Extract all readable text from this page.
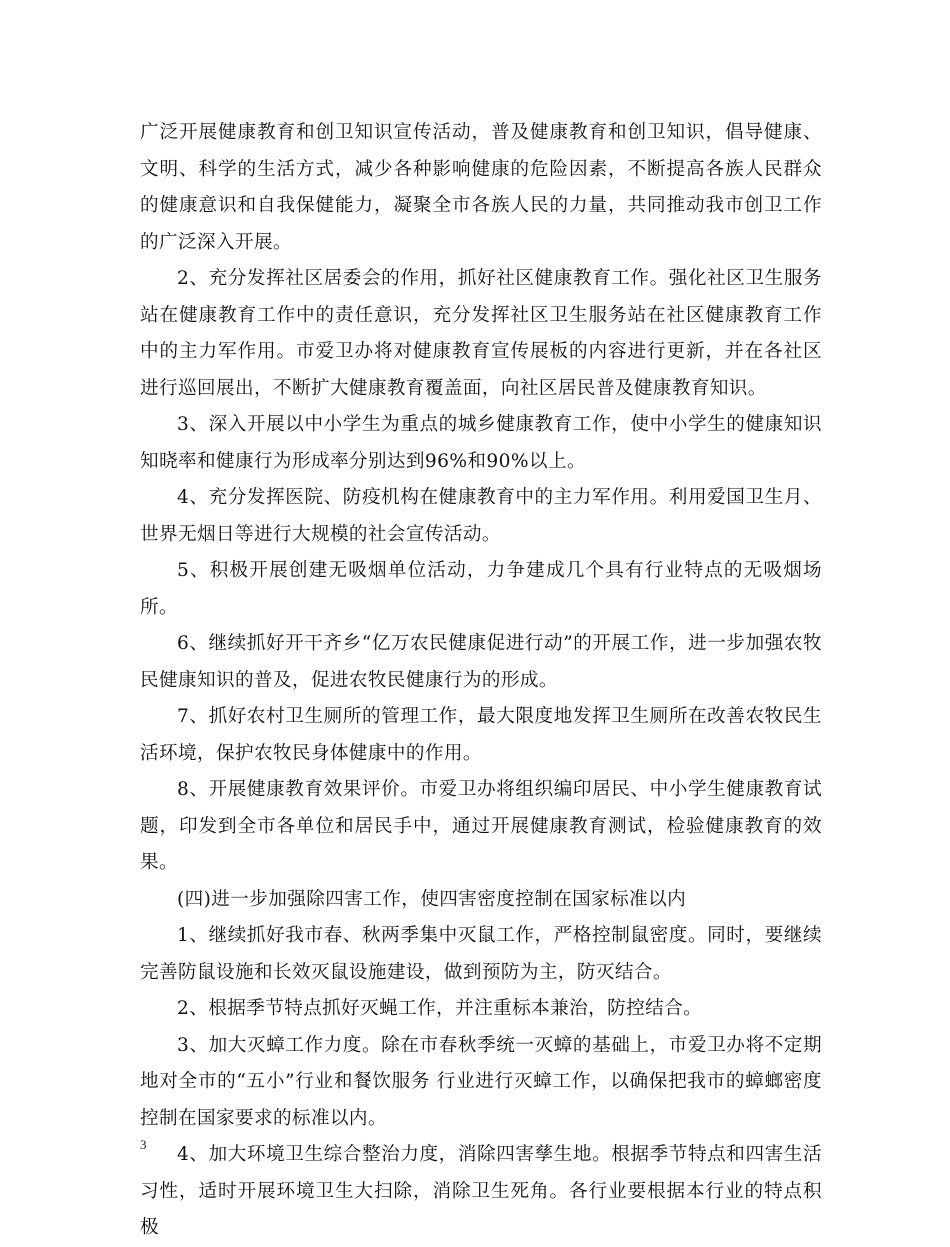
广泛开展健康教育和创卫知识宣传活动，普及健康教育和创卫知识，倡导健康、文明、科学的生活方式，减少各种影响健康的危险因素，不断提高各族人民群众的健康意识和自我保健能力，凝聚全市各族人民的力量，共同推动我市创卫工作的广泛深入开展。

2、充分发挥社区居委会的作用，抓好社区健康教育工作。强化社区卫生服务站在健康教育工作中的责任意识，充分发挥社区卫生服务站在社区健康教育工作中的主力军作用。市爱卫办将对健康教育宣传展板的内容进行更新，并在各社区进行巡回展出，不断扩大健康教育覆盖面，向社区居民普及健康教育知识。

3、深入开展以中小学生为重点的城乡健康教育工作，使中小学生的健康知识知晓率和健康行为形成率分别达到96%和90%以上。

4、充分发挥医院、防疫机构在健康教育中的主力军作用。利用爱国卫生月、世界无烟日等进行大规模的社会宣传活动。

5、积极开展创建无吸烟单位活动，力争建成几个具有行业特点的无吸烟场所。

6、继续抓好开干齐乡“亿万农民健康促进行动”的开展工作，进一步加强农牧民健康知识的普及，促进农牧民健康行为的形成。

7、抓好农村卫生厕所的管理工作，最大限度地发挥卫生厕所在改善农牧民生活环境，保护农牧民身体健康中的作用。

8、开展健康教育效果评价。市爱卫办将组织编印居民、中小学生健康教育试题，印发到全市各单位和居民手中，通过开展健康教育测试，检验健康教育的效果。

(四)进一步加强除四害工作，使四害密度控制在国家标准以内

1、继续抓好我市春、秋两季集中灭鼠工作，严格控制鼠密度。同时，要继续完善防鼠设施和长效灭鼠设施建设，做到预防为主，防灭结合。

2、根据季节特点抓好灭蝇工作，并注重标本兼治，防控结合。

3、加大灭蟑工作力度。除在市春秋季统一灭蟑的基础上，市爱卫办将不定期地对全市的“五小”行业和餐饮服务 行业进行灭蟑工作，以确保把我市的蟑螂密度控制在国家要求的标准以内。

4、加大环境卫生综合整治力度，消除四害孳生地。根据季节特点和四害生活习性，适时开展环境卫生大扫除，消除卫生死角。各行业要根据本行业的特点积极

3
